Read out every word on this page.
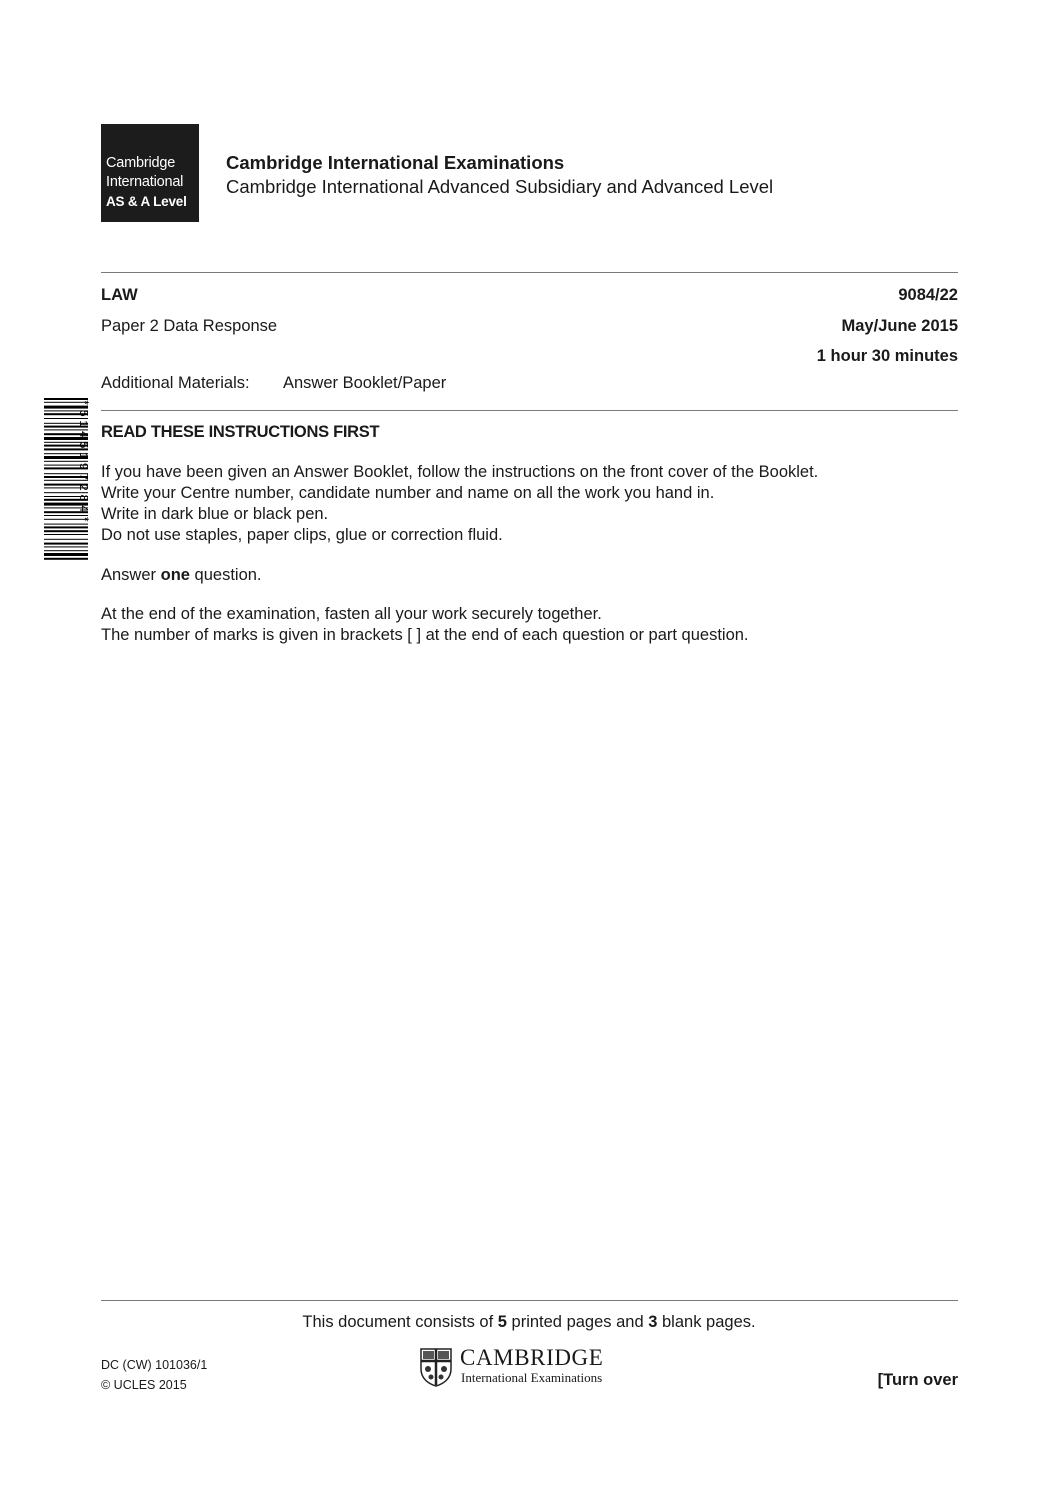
Cambridge
International
AS & A Level
Cambridge International Examinations
Cambridge International Advanced Subsidiary and Advanced Level
LAW	9084/22
Paper 2 Data Response	May/June 2015
1 hour 30 minutes
Additional Materials: Answer Booklet/Paper
*5145197284* READ THESE INSTRUCTIONS FIRST
If you have been given an Answer Booklet, follow the instructions on the front cover of the Booklet.
Write your Centre number, candidate number and name on all the work you hand in.
Write in dark blue or black pen.
Do not use staples, paper clips, glue or correction fluid.
Answer one question.
At the end of the examination, fasten all your work securely together.
The number of marks is given in brackets [ ] at the end of each question or part question.
This document consists of 5 printed pages and 3 blank pages.
DC (CW) 101036/1
© UCLES 2015
CAMBRIDGE
International Examinations	[Turn over
